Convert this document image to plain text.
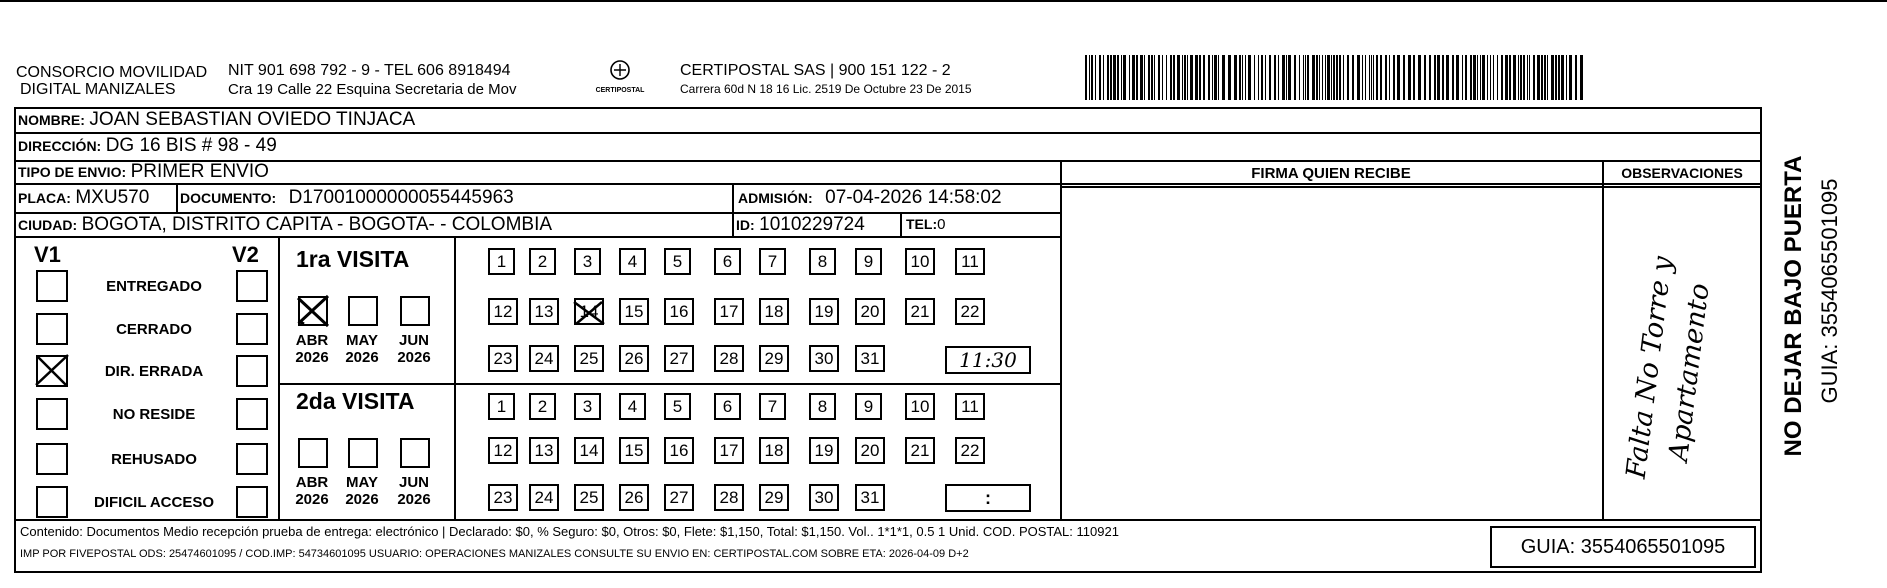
CONSORCIO MOVILIDAD
DIGITAL MANIZALES
NIT 901 698 792 - 9 - TEL 606 8918494
Cra 19 Calle 22 Esquina Secretaria de Mov	CERTIPOSTAL
CERTIPOSTAL SAS | 900 151 122 - 2
Carrera 60d N 18 16 Lic. 2519 De Octubre 23 De 2015
NOMBRE: JOAN SEBASTIAN OVIEDO TINJACA
DIRECCIÓN: DG 16 BIS # 98 - 49
TIPO DE ENVIO: PRIMER ENVIO
PLACA: MXU570 DOCUMENTO: D17001000000055445963	ADMISIÓN: 07-04-2026 14:58:02
CIUDAD: BOGOTA, DISTRITO CAPITA - BOGOTA- - COLOMBIA	ID: 1010229724	TEL:0
FIRMA QUIEN RECIBE	OBSERVACIONES
Falta No Torre y Apartamento
V1	V2
ENTREGADO
CERRADO
DIR. ERRADA
NO RESIDE
REHUSADO
DIFICIL ACCESO
1ra VISITA
2da VISITA
ABR
2026
MAY
2026
JUN
2026
ABR
2026
MAY
2026
JUN
2026
1	2	3	4	5	6	7	8	9	10	11
12	13	14	15	16	17	18	19	20	21	22
23	24	25	26	27	28	29	30	31
1	2	3	4	5	6	7	8	9	10	11
12	13	14	15	16	17	18	19	20	21	22
23	24	25	26	27	28	29	30	31
11:30
:
NO DEJAR BAJO PUERTA GUIA: 3554065501095
Contenido: Documentos Medio recepción prueba de entrega: electrónico | Declarado: $0, % Seguro: $0, Otros: $0, Flete: $1,150, Total: $1,150. Vol.. 1*1*1, 0.5 1 Unid. COD. POSTAL: 110921
IMP POR FIVEPOSTAL ODS: 25474601095 / COD.IMP: 54734601095 USUARIO: OPERACIONES MANIZALES CONSULTE SU ENVIO EN: CERTIPOSTAL.COM SOBRE ETA: 2026-04-09 D+2	GUIA: 3554065501095
